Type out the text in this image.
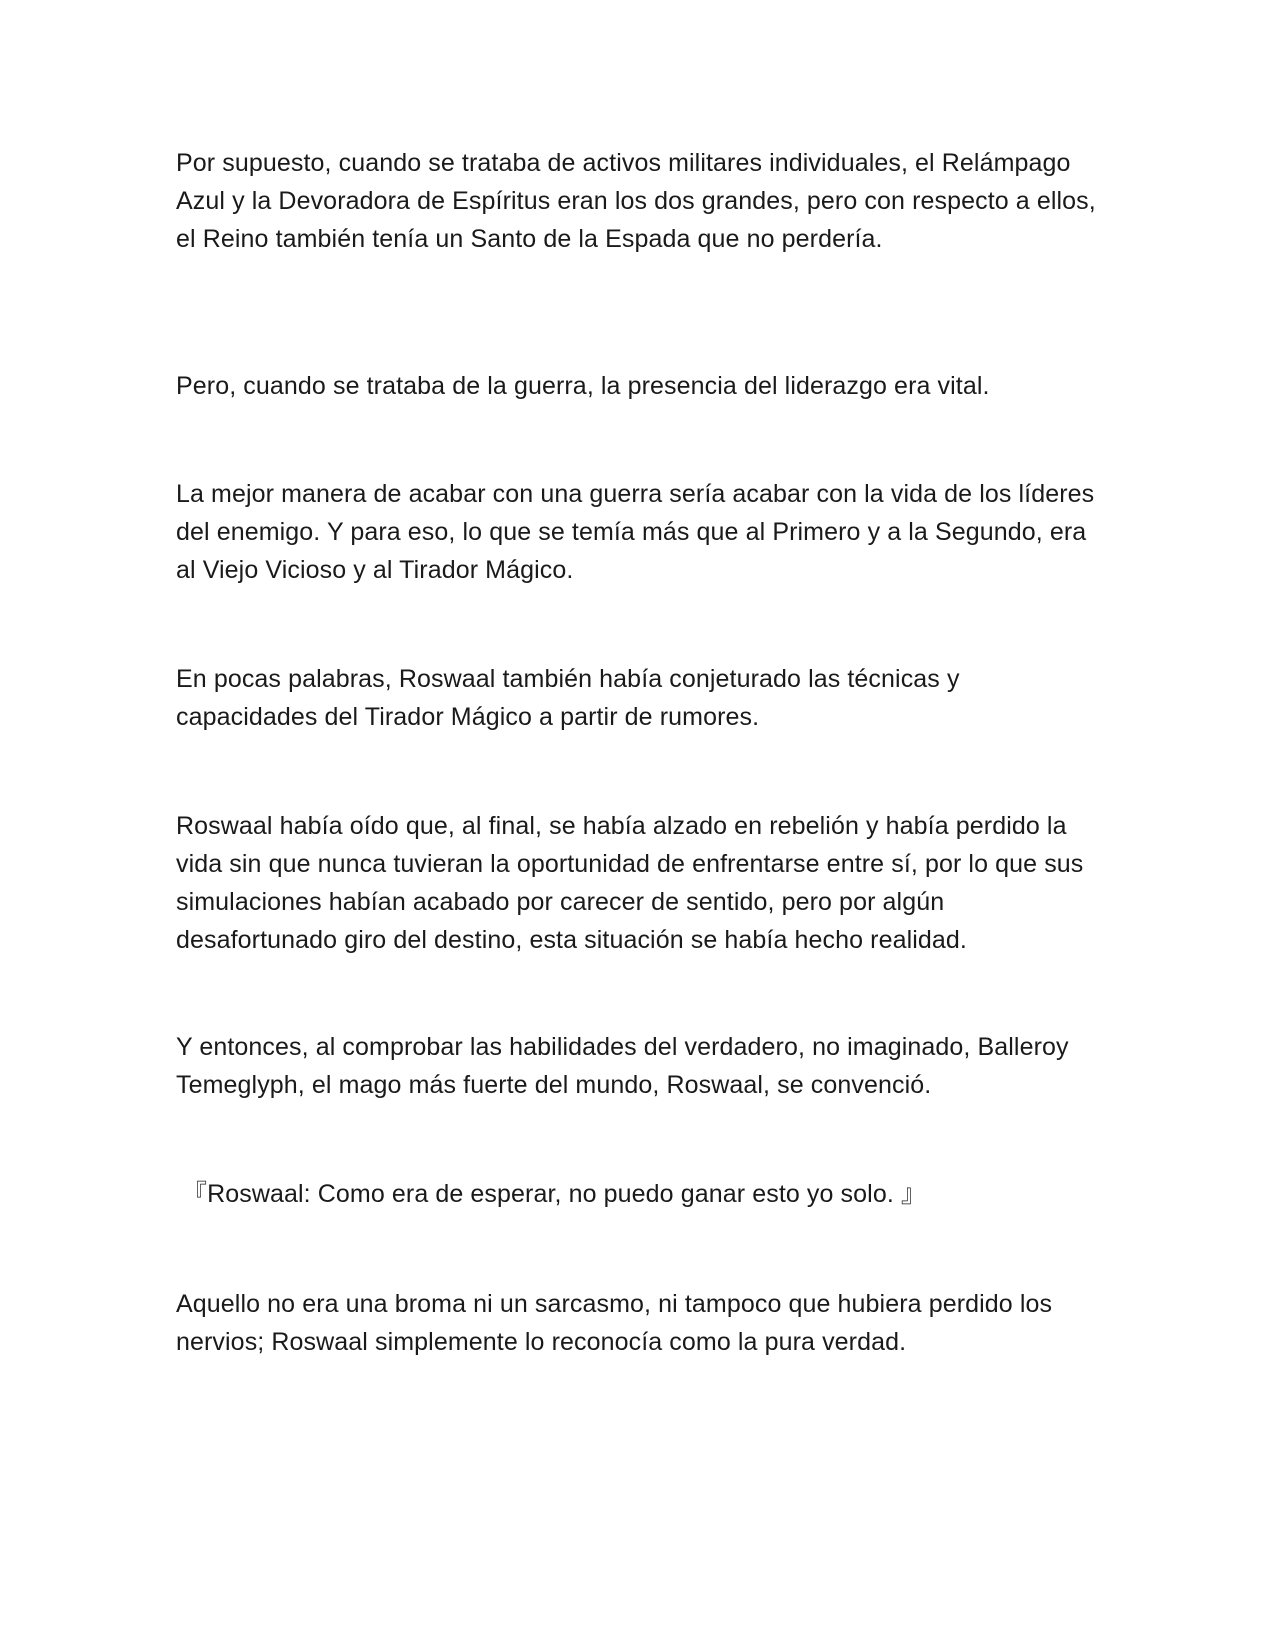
Por supuesto, cuando se trataba de activos militares individuales, el Relámpago Azul y la Devoradora de Espíritus eran los dos grandes, pero con respecto a ellos, el Reino también tenía un Santo de la Espada que no perdería.

Pero, cuando se trataba de la guerra, la presencia del liderazgo era vital.

La mejor manera de acabar con una guerra sería acabar con la vida de los líderes del enemigo. Y para eso, lo que se temía más que al Primero y a la Segundo, era al Viejo Vicioso y al Tirador Mágico.

En pocas palabras, Roswaal también había conjeturado las técnicas y capacidades del Tirador Mágico a partir de rumores.

Roswaal había oído que, al final, se había alzado en rebelión y había perdido la vida sin que nunca tuvieran la oportunidad de enfrentarse entre sí, por lo que sus simulaciones habían acabado por carecer de sentido, pero por algún desafortunado giro del destino, esta situación se había hecho realidad.

Y entonces, al comprobar las habilidades del verdadero, no imaginado, Balleroy Temeglyph, el mago más fuerte del mundo, Roswaal, se convenció.

『Roswaal: Como era de esperar, no puedo ganar esto yo solo. 』

Aquello no era una broma ni un sarcasmo, ni tampoco que hubiera perdido los nervios; Roswaal simplemente lo reconocía como la pura verdad.
